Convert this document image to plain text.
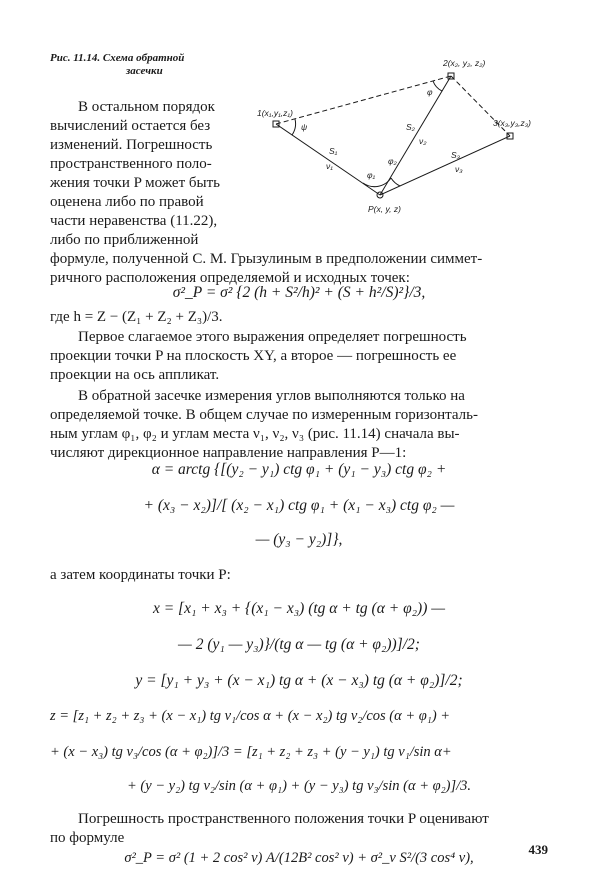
Рис. 11.14. Схема обратной
засечки
1(x₁,y₁,z₁)
2(x₂, y₂, z₂)
3(x₃,y₃,z₃)
P(x, y, z)
S₁
ν₁
S₂
ν₂
S₃
ν₃
φ₁
φ₂
ψ
φ
В остальном порядок
вычислений остается без
изменений. Погрешность
пространственного поло-
жения точки P может быть
оценена либо по правой
части неравенства (11.22),
либо по приближенной
формуле, полученной С. М. Грызулиным в предположении симмет-
ричного расположения определяемой и исходных точек:
σ²_P = σ² {2 (h + S²/h)² + (S + h²/S)²}/3,
где h = Z − (Z₁ + Z₂ + Z₃)/3.
Первое слагаемое этого выражения определяет погрешность
проекции точки P на плоскость XY, а второе — погрешность ее
проекции на ось аппликат.
В обратной засечке измерения углов выполняются только на
определяемой точке. В общем случае по измеренным горизонталь-
ным углам φ₁, φ₂ и углам места ν₁, ν₂, ν₃ (рис. 11.14) сначала вы-
числяют дирекционное направление направления P—1:
α = arctg {[(y₂ − y₁) ctg φ₁ + (y₁ − y₃) ctg φ₂ +
+ (x₃ − x₂)]/[ (x₂ − x₁) ctg φ₁ + (x₁ − x₃) ctg φ₂ —
— (y₃ − y₂)]},
а затем координаты точки P:
x = [x₁ + x₃ + {(x₁ − x₃) (tg α + tg (α + φ₂)) —
— 2 (y₁ — y₃)}/(tg α — tg (α + φ₂))]/2;
y = [y₁ + y₃ + (x − x₁) tg α + (x − x₃) tg (α + φ₂)]/2;
z = [z₁ + z₂ + z₃ + (x − x₁) tg ν₁/cos α + (x − x₂) tg ν₂/cos (α + φ₁) +
+ (x − x₃) tg ν₃/cos (α + φ₂)]/3 = [z₁ + z₂ + z₃ + (y − y₁) tg ν₁/sin α+
+ (y − y₂) tg ν₂/sin (α + φ₁) + (y − y₃) tg ν₃/sin (α + φ₂)]/3.
Погрешность пространственного положения точки P оценивают
по формуле
σ²_P = σ² (1 + 2 cos² ν) A/(12B² cos² ν) + σ²_ν S²/(3 cos⁴ ν),
439
